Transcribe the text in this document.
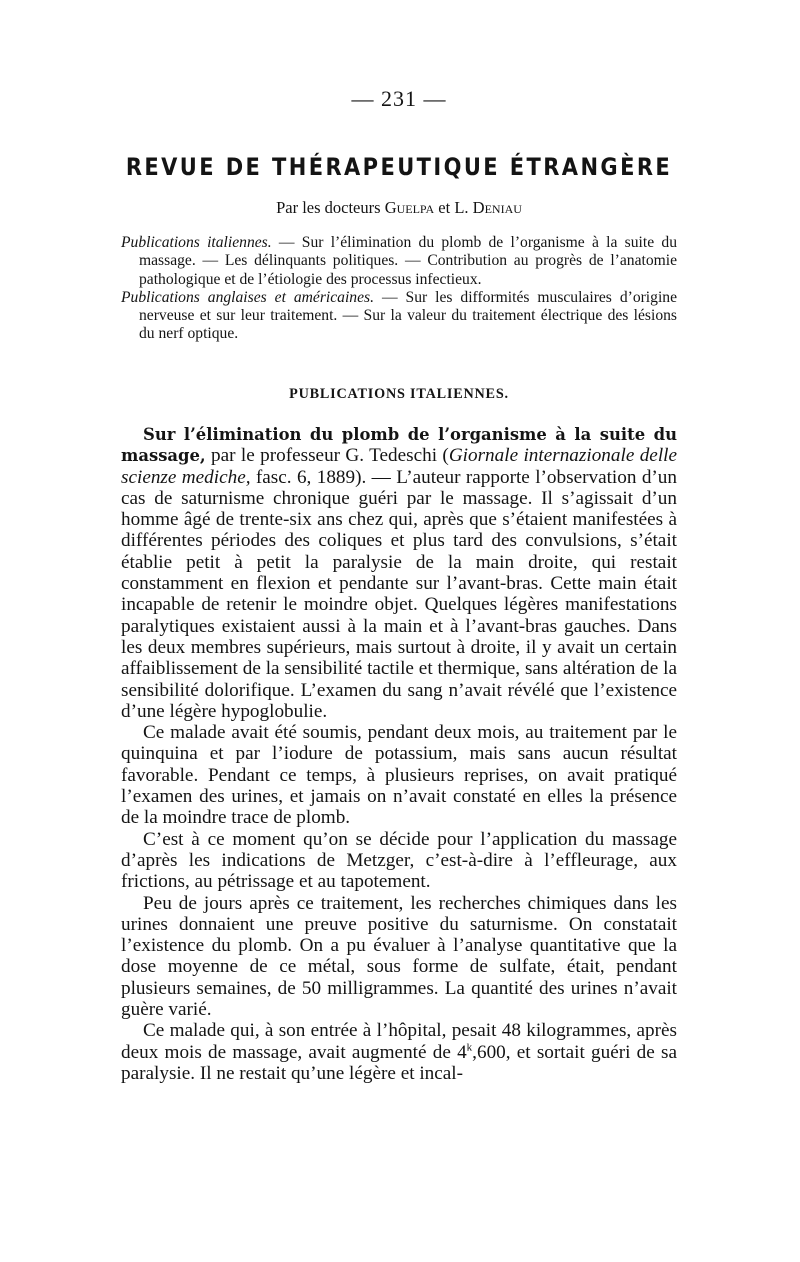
— 231 —
REVUE DE THÉRAPEUTIQUE ÉTRANGÈRE
Par les docteurs Guelpa et L. Deniau

Publications italiennes. — Sur l’élimination du plomb de l’organisme à la suite du massage. — Les délinquants politiques. — Contribution au progrès de l’anatomie pathologique et de l’étiologie des processus infectieux.

Publications anglaises et américaines. — Sur les difformités musculaires d’origine nerveuse et sur leur traitement. — Sur la valeur du traitement électrique des lésions du nerf optique.

PUBLICATIONS ITALIENNES.

Sur l’élimination du plomb de l’organisme à la suite du massage, par le professeur G. Tedeschi (Giornale internazionale delle scienze mediche, fasc. 6, 1889). — L’auteur rapporte l’observation d’un cas de saturnisme chronique guéri par le massage. Il s’agissait d’un homme âgé de trente-six ans chez qui, après que s’étaient manifestées à différentes périodes des coliques et plus tard des convulsions, s’était établie petit à petit la paralysie de la main droite, qui restait constamment en flexion et pendante sur l’avant-bras. Cette main était incapable de retenir le moindre objet. Quelques légères manifestations paralytiques existaient aussi à la main et à l’avant-bras gauches. Dans les deux membres supérieurs, mais surtout à droite, il y avait un certain affaiblissement de la sensibilité tactile et thermique, sans altération de la sensibilité dolorifique. L’examen du sang n’avait révélé que l’existence d’une légère hypoglobulie.

Ce malade avait été soumis, pendant deux mois, au traitement par le quinquina et par l’iodure de potassium, mais sans aucun résultat favorable. Pendant ce temps, à plusieurs reprises, on avait pratiqué l’examen des urines, et jamais on n’avait constaté en elles la présence de la moindre trace de plomb.

C’est à ce moment qu’on se décide pour l’application du massage d’après les indications de Metzger, c’est-à-dire à l’effleurage, aux frictions, au pétrissage et au tapotement.

Peu de jours après ce traitement, les recherches chimiques dans les urines donnaient une preuve positive du saturnisme. On constatait l’existence du plomb. On a pu évaluer à l’analyse quantitative que la dose moyenne de ce métal, sous forme de sulfate, était, pendant plusieurs semaines, de 50 milligrammes. La quantité des urines n’avait guère varié.

Ce malade qui, à son entrée à l’hôpital, pesait 48 kilogrammes, après deux mois de massage, avait augmenté de 4$^k$,600, et sortait guéri de sa paralysie. Il ne restait qu’une légère et incal-
